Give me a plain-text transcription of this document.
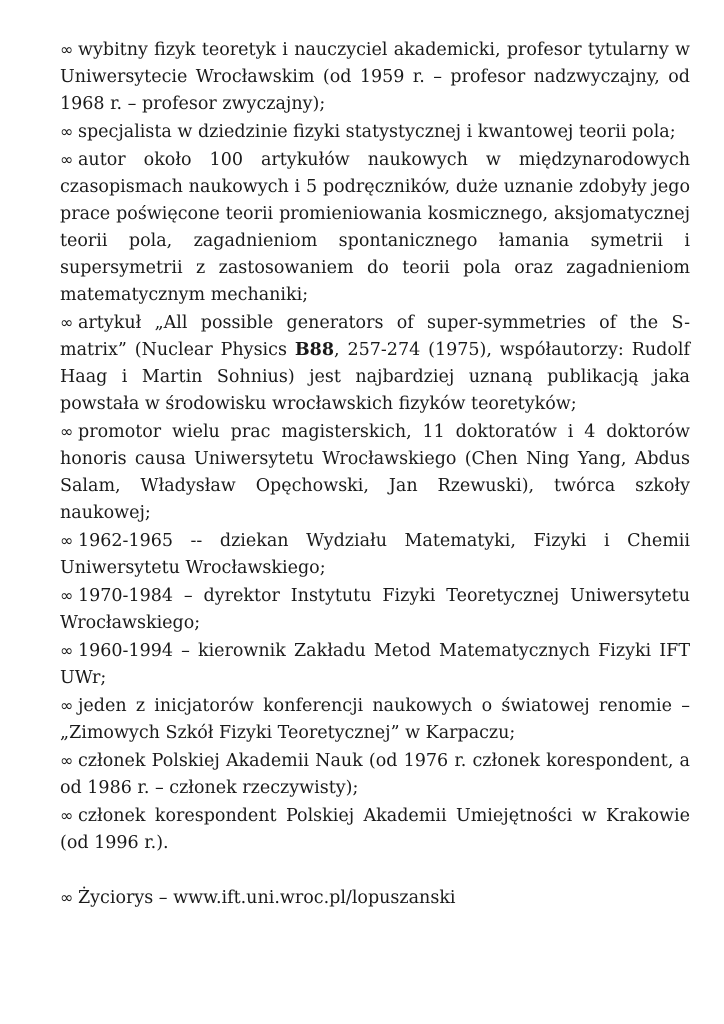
∞ wybitny fizyk teoretyk i nauczyciel akademicki, profesor tytularny w Uniwersytecie Wrocławskim (od 1959 r. – profesor nadzwyczajny, od 1968 r. – profesor zwyczajny);

∞ specjalista w dziedzinie fizyki statystycznej i kwantowej teorii pola;

∞ autor około 100 artykułów naukowych w międzynarodowych czasopismach naukowych i 5 podręczników, duże uznanie zdobyły jego prace poświęcone teorii promieniowania kosmicznego, aksjomatycznej teorii pola, zagadnieniom spontanicznego łamania symetrii i supersymetrii z zastosowaniem do teorii pola oraz zagadnieniom matematycznym mechaniki;

∞ artykuł „All possible generators of super-symmetries of the S-matrix” (Nuclear Physics B88, 257-274 (1975), współautorzy: Rudolf Haag i Martin Sohnius) jest najbardziej uznaną publikacją jaka powstała w środowisku wrocławskich fizyków teoretyków;

∞ promotor wielu prac magisterskich, 11 doktoratów i 4 doktorów honoris causa Uniwersytetu Wrocławskiego (Chen Ning Yang, Abdus Salam, Władysław Opęchowski, Jan Rzewuski), twórca szkoły naukowej;

∞ 1962-1965 -- dziekan Wydziału Matematyki, Fizyki i Chemii Uniwersytetu Wrocławskiego;

∞ 1970-1984 – dyrektor Instytutu Fizyki Teoretycznej Uniwersytetu Wrocławskiego;

∞ 1960-1994 – kierownik Zakładu Metod Matematycznych Fizyki IFT UWr;

∞ jeden z inicjatorów konferencji naukowych o światowej renomie – „Zimowych Szkół Fizyki Teoretycznej” w Karpaczu;

∞ członek Polskiej Akademii Nauk (od 1976 r. członek korespondent, a od 1986 r. – członek rzeczywisty);

∞ członek korespondent Polskiej Akademii Umiejętności w Krakowie (od 1996 r.).

∞ Życiorys – www.ift.uni.wroc.pl/lopuszanski
